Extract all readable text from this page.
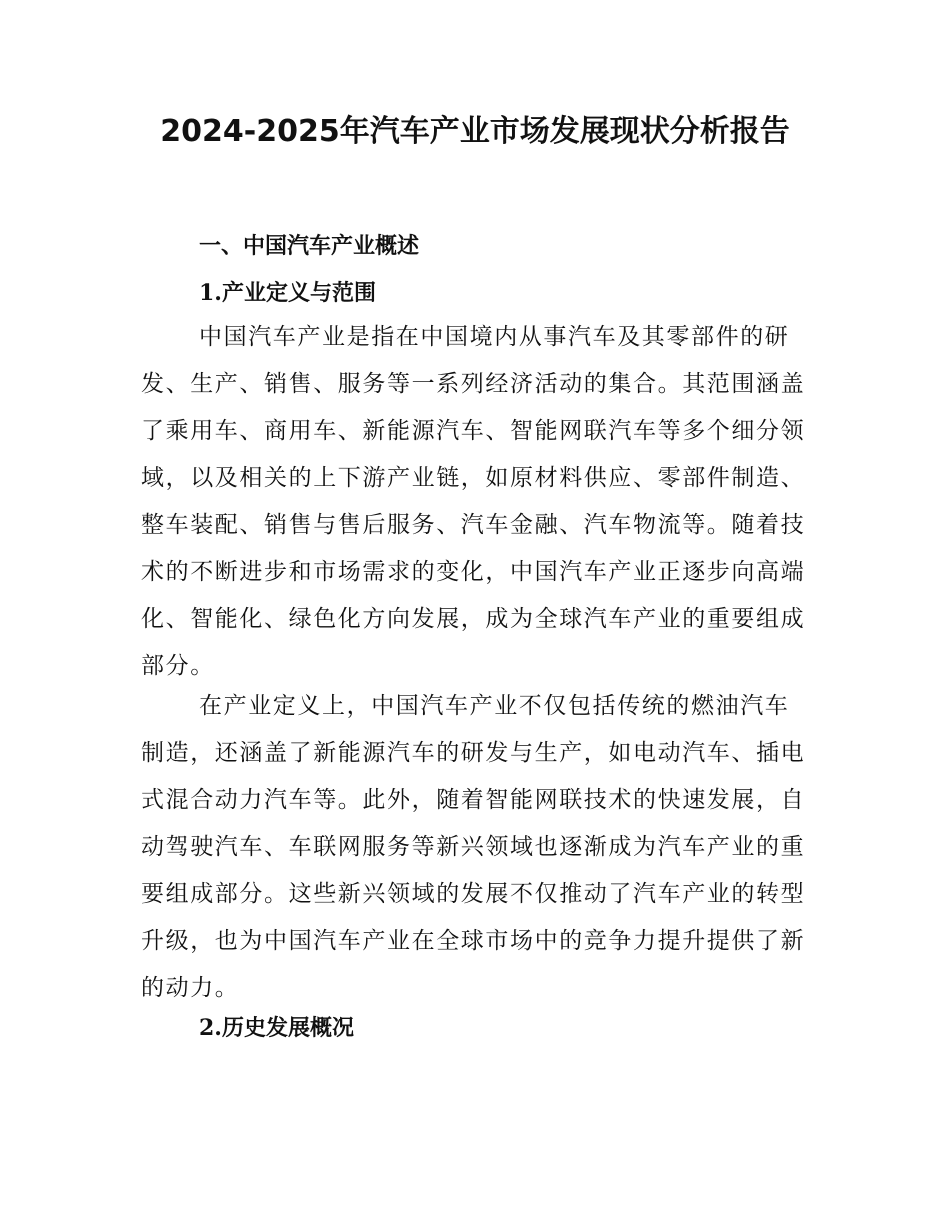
2024-2025年汽车产业市场发展现状分析报告
一、中国汽车产业概述
1.产业定义与范围
中国汽车产业是指在中国境内从事汽车及其零部件的研
发、生产、销售、服务等一系列经济活动的集合。其范围涵盖
了乘用车、商用车、新能源汽车、智能网联汽车等多个细分领
域，以及相关的上下游产业链，如原材料供应、零部件制造、
整车装配、销售与售后服务、汽车金融、汽车物流等。随着技
术的不断进步和市场需求的变化，中国汽车产业正逐步向高端
化、智能化、绿色化方向发展，成为全球汽车产业的重要组成
部分。
在产业定义上，中国汽车产业不仅包括传统的燃油汽车
制造，还涵盖了新能源汽车的研发与生产，如电动汽车、插电
式混合动力汽车等。此外，随着智能网联技术的快速发展，自
动驾驶汽车、车联网服务等新兴领域也逐渐成为汽车产业的重
要组成部分。这些新兴领域的发展不仅推动了汽车产业的转型
升级，也为中国汽车产业在全球市场中的竞争力提升提供了新
的动力。
2.历史发展概况
